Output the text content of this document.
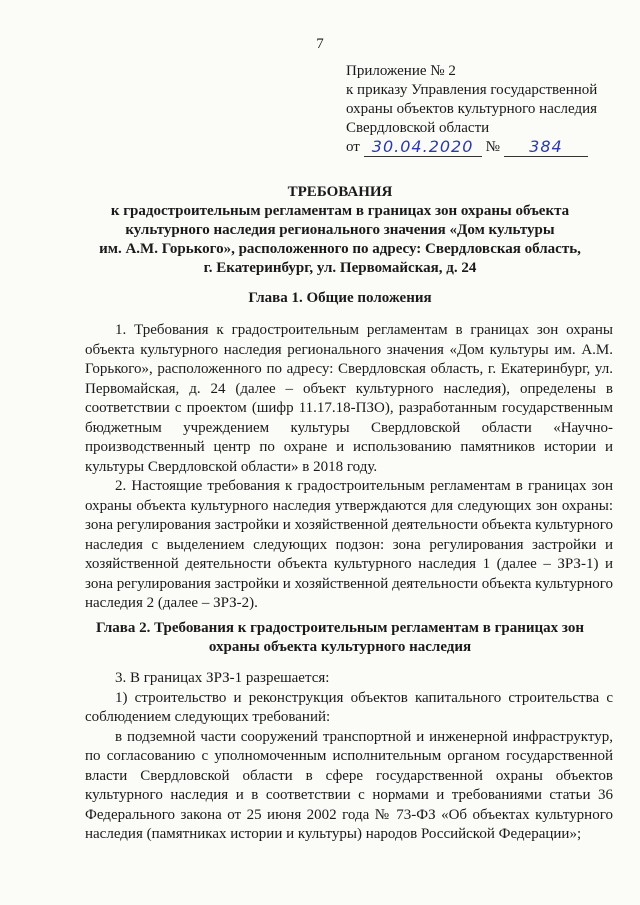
7
Приложение № 2
к приказу Управления государственной
охраны объектов культурного наследия
Свердловской области
от
30.04.2020 №	384
ТРЕБОВАНИЯ
к градостроительным регламентам в границах зон охраны объекта
культурного наследия регионального значения «Дом культуры
им. А.М. Горького», расположенного по адресу: Свердловская область,
г. Екатеринбург, ул. Первомайская, д. 24
Глава 1. Общие положения

1. Требования к градостроительным регламентам в границах зон охраны объекта культурного наследия регионального значения «Дом культуры им. А.М. Горького», расположенного по адресу: Свердловская область, г. Екатеринбург, ул. Первомайская, д. 24 (далее – объект культурного наследия), определены в соответствии с проектом (шифр 11.17.18-ПЗО), разработанным государственным бюджетным учреждением культуры Свердловской области «Научно-производственный центр по охране и использованию памятников истории и культуры Свердловской области» в 2018 году.

2. Настоящие требования к градостроительным регламентам в границах зон охраны объекта культурного наследия утверждаются для следующих зон охраны: зона регулирования застройки и хозяйственной деятельности объекта культурного наследия с выделением следующих подзон: зона регулирования застройки и хозяйственной деятельности объекта культурного наследия 1 (далее – ЗРЗ-1) и зона регулирования застройки и хозяйственной деятельности объекта культурного наследия 2 (далее – ЗРЗ-2).

Глава 2. Требования к градостроительным регламентам в границах зон
охраны объекта культурного наследия

3. В границах ЗРЗ-1 разрешается:

1) строительство и реконструкция объектов капитального строительства с соблюдением следующих требований:

в подземной части сооружений транспортной и инженерной инфраструктур, по согласованию с уполномоченным исполнительным органом государственной власти Свердловской области в сфере государственной охраны объектов культурного наследия и в соответствии с нормами и требованиями статьи 36 Федерального закона от 25 июня 2002 года № 73-ФЗ «Об объектах культурного наследия (памятниках истории и культуры) народов Российской Федерации»;
